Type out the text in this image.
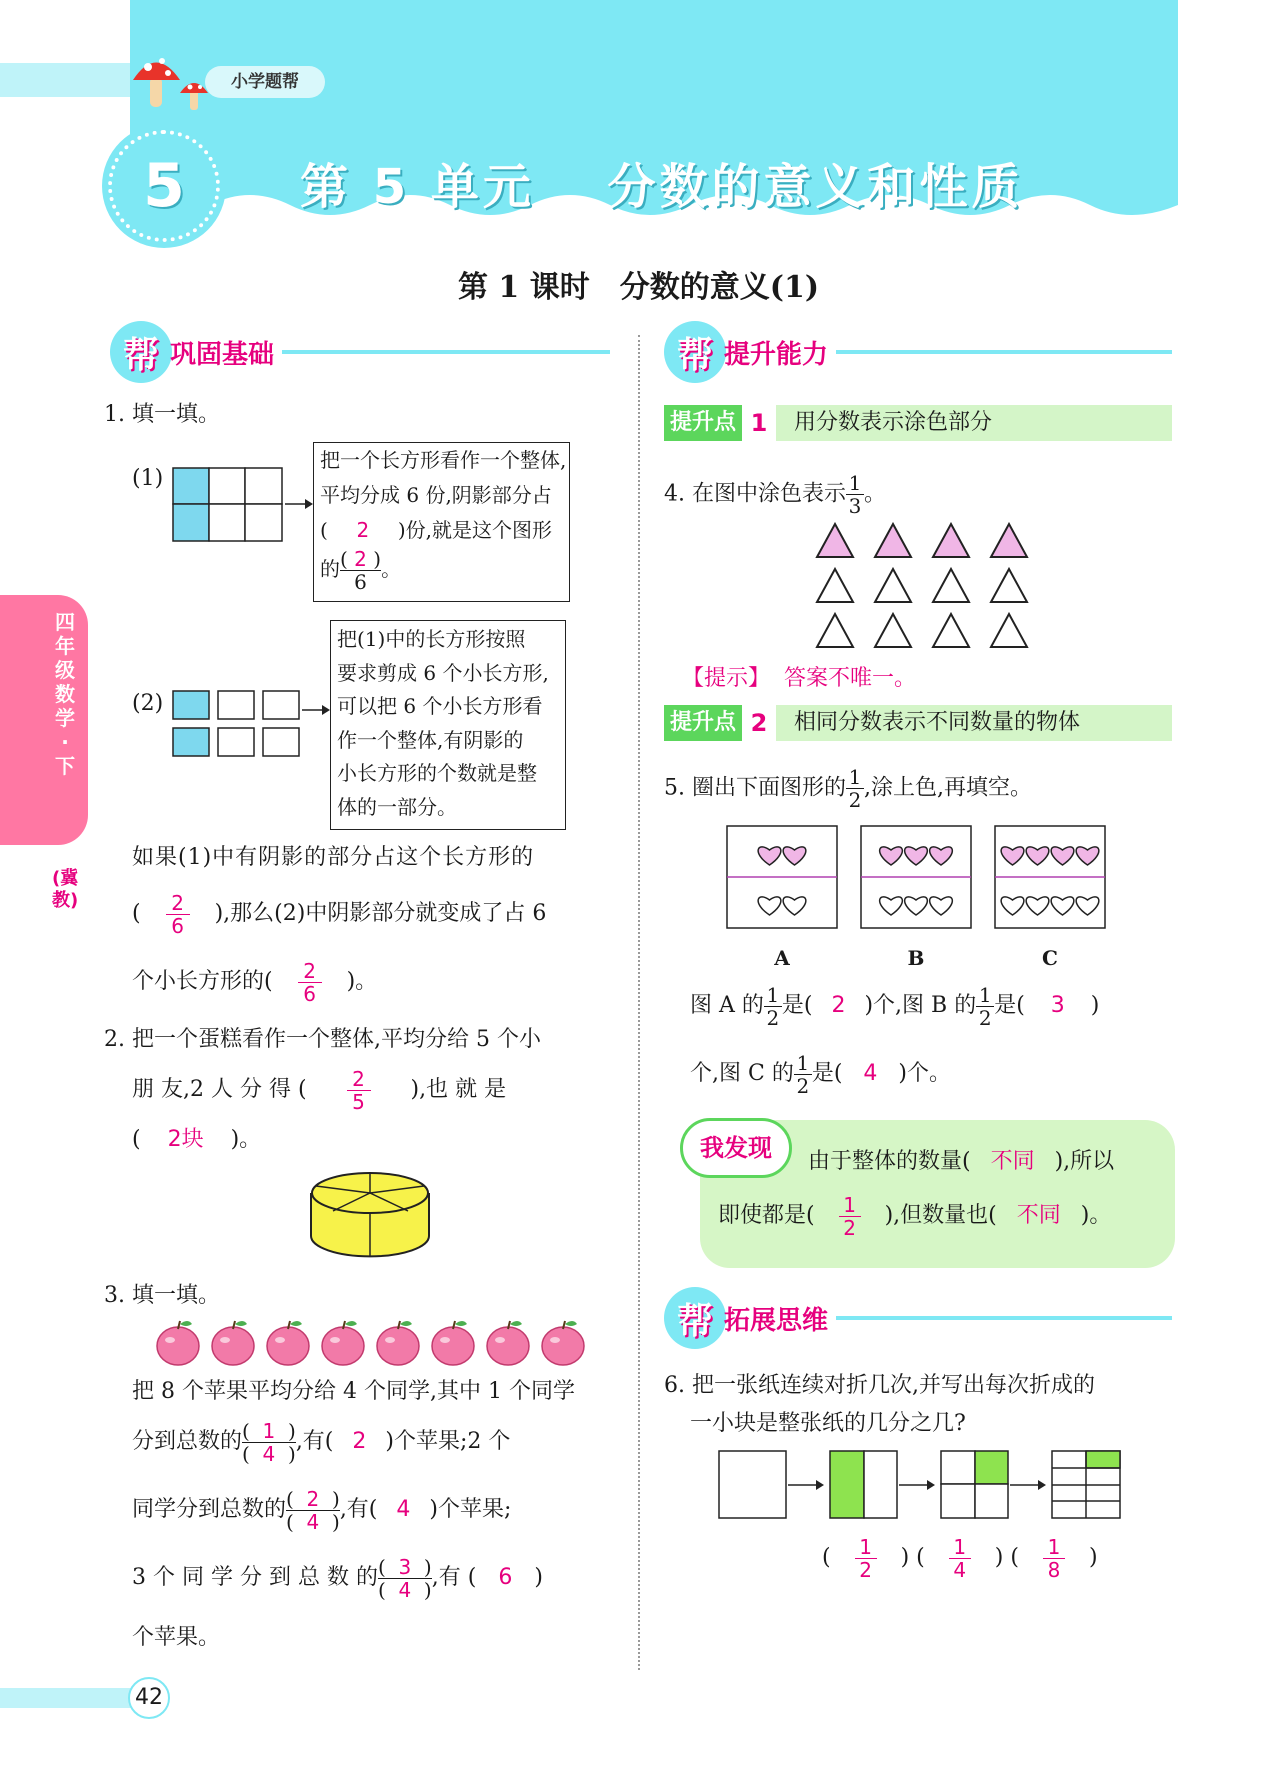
小学题帮
5 第 5 单元　 分数的意义和性质
第 1 课时　分数的意义(1)
四年级数学·下
(冀教)
帮 巩固基础
1. 填一填。
(1)
把一个长方形看作一个整体,
平均分成 6 份,阴影部分占
( 2 )份,就是这个图形
的 $\frac{( 2 )}{6}$ 。
(2)
把(1)中的长方形按照
要求剪成 6 个小长方形,
可以把 6 个小长方形看
作一个整体,有阴影的
小长方形的个数就是整
体的一部分。
如果(1)中有阴影的部分占这个长方形的
( $\frac{2}{6}$ ),那么(2)中阴影部分就变成了占 6
个小长方形的( $\frac{2}{6}$ )。
2. 把一个蛋糕看作一个整体,平均分给 5 个小
朋 友,2 人 分 得 ( $\frac{2}{5}$ ),也 就 是
( 2块 )。
3. 填一填。
把 8 个苹果平均分给 4 个同学,其中 1 个同学
分到总数的 $\frac{( 1 )}{( 4 )}$ ,有( 2 )个苹果;2 个
同学分到总数的 $\frac{( 2 )}{( 4 )}$ ,有( 4 )个苹果;
3 个 同 学 分 到 总 数 的 $\frac{( 3 )}{( 4 )}$ ,有 ( 6 )
个苹果。
帮 提升能力
提升点 1	用分数表示涂色部分
4. 在图中涂色表示 $\frac{1}{3}$ 。
【提示】 答案不唯一。
提升点 2	相同分数表示不同数量的物体
5. 圈出下面图形的 $\frac{1}{2}$ ,涂上色,再填空。
A	B	C
图 A 的 $\frac{1}{2}$ 是( 2 )个,图 B 的 $\frac{1}{2}$ 是( 3 )
个,图 C 的 $\frac{1}{2}$ 是( 4 )个。
我发现	由于整体的数量( 不同 ),所以
即使都是( $\frac{1}{2}$ ),但数量也( 不同 )。
帮 拓展思维
6. 把一张纸连续对折几次,并写出每次折成的
一小块是整张纸的几分之几?
( $\frac{1}{2}$ ) ( $\frac{1}{4}$ ) ( $\frac{1}{8}$ )
42
